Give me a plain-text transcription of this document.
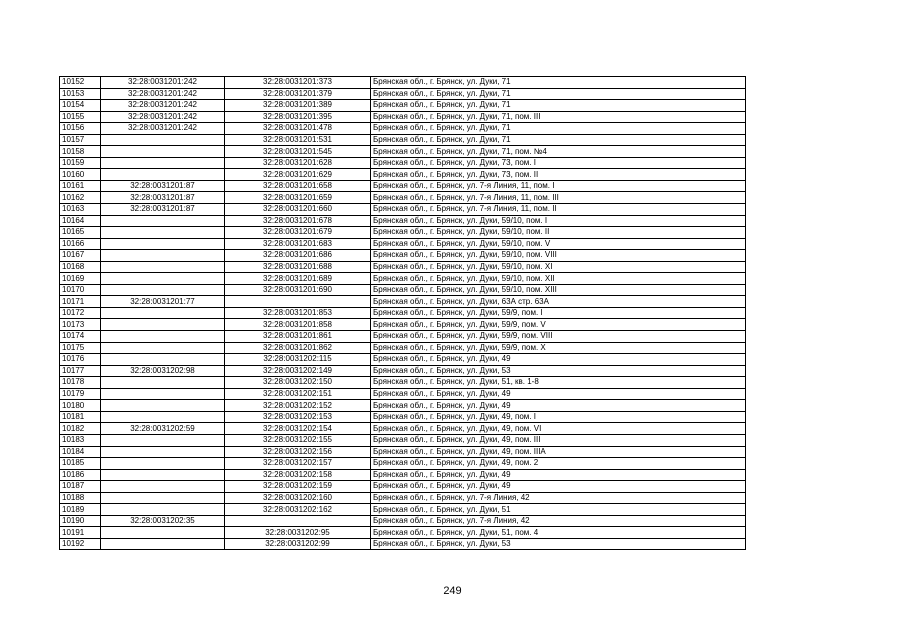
10152	32:28:0031201:242	32:28:0031201:373	Брянская обл., г. Брянск, ул. Дуки, 71
10153	32:28:0031201:242	32:28:0031201:379	Брянская обл., г. Брянск, ул. Дуки, 71
10154	32:28:0031201:242	32:28:0031201:389	Брянская обл., г. Брянск, ул. Дуки, 71
10155	32:28:0031201:242	32:28:0031201:395	Брянская обл., г. Брянск, ул. Дуки, 71, пом. III
10156	32:28:0031201:242	32:28:0031201:478	Брянская обл., г. Брянск, ул. Дуки, 71
10157		32:28:0031201:531	Брянская обл., г. Брянск, ул. Дуки, 71
10158		32:28:0031201:545	Брянская обл., г. Брянск, ул. Дуки, 71, пом. №4
10159		32:28:0031201:628	Брянская обл., г. Брянск, ул. Дуки, 73, пом. I
10160		32:28:0031201:629	Брянская обл., г. Брянск, ул. Дуки, 73, пом. II
10161	32:28:0031201:87	32:28:0031201:658	Брянская обл., г. Брянск, ул. 7-я Линия, 11, пом. I
10162	32:28:0031201:87	32:28:0031201:659	Брянская обл., г. Брянск, ул. 7-я Линия, 11, пом. III
10163	32:28:0031201:87	32:28:0031201:660	Брянская обл., г. Брянск, ул. 7-я Линия, 11, пом. II
10164		32:28:0031201:678	Брянская обл., г. Брянск, ул. Дуки, 59/10, пом. I
10165		32:28:0031201:679	Брянская обл., г. Брянск, ул. Дуки, 59/10, пом. II
10166		32:28:0031201:683	Брянская обл., г. Брянск, ул. Дуки, 59/10, пом. V
10167		32:28:0031201:686	Брянская обл., г. Брянск, ул. Дуки, 59/10, пом. VIII
10168		32:28:0031201:688	Брянская обл., г. Брянск, ул. Дуки, 59/10, пом. XI
10169		32:28:0031201:689	Брянская обл., г. Брянск, ул. Дуки, 59/10, пом. XII
10170		32:28:0031201:690	Брянская обл., г. Брянск, ул. Дуки, 59/10, пом. XIII
10171	32:28:0031201:77		Брянская обл., г. Брянск, ул. Дуки, 63А стр. 63А
10172		32:28:0031201:853	Брянская обл., г. Брянск, ул. Дуки, 59/9, пом. I
10173		32:28:0031201:858	Брянская обл., г. Брянск, ул. Дуки, 59/9, пом. V
10174		32:28:0031201:861	Брянская обл., г. Брянск, ул. Дуки, 59/9, пом. VIII
10175		32:28:0031201:862	Брянская обл., г. Брянск, ул. Дуки, 59/9, пом. X
10176		32:28:0031202:115	Брянская обл., г. Брянск, ул. Дуки, 49
10177	32:28:0031202:98	32:28:0031202:149	Брянская обл., г. Брянск, ул. Дуки, 53
10178		32:28:0031202:150	Брянская обл., г. Брянск, ул. Дуки, 51, кв. 1-8
10179		32:28:0031202:151	Брянская обл., г. Брянск, ул. Дуки, 49
10180		32:28:0031202:152	Брянская обл., г. Брянск, ул. Дуки, 49
10181		32:28:0031202:153	Брянская обл., г. Брянск, ул. Дуки, 49, пом. I
10182	32:28:0031202:59	32:28:0031202:154	Брянская обл., г. Брянск, ул. Дуки, 49, пом. VI
10183		32:28:0031202:155	Брянская обл., г. Брянск, ул. Дуки, 49, пом. III
10184		32:28:0031202:156	Брянская обл., г. Брянск, ул. Дуки, 49, пом. IIIА
10185		32:28:0031202:157	Брянская обл., г. Брянск, ул. Дуки, 49, пом. 2
10186		32:28:0031202:158	Брянская обл., г. Брянск, ул. Дуки, 49
10187		32:28:0031202:159	Брянская обл., г. Брянск, ул. Дуки, 49
10188		32:28:0031202:160	Брянская обл., г. Брянск, ул. 7-я Линия, 42
10189		32:28:0031202:162	Брянская обл., г. Брянск, ул. Дуки, 51
10190	32:28:0031202:35		Брянская обл., г. Брянск, ул. 7-я Линия, 42
10191		32:28:0031202:95	Брянская обл., г. Брянск, ул. Дуки, 51, пом. 4
10192		32:28:0031202:99	Брянская обл., г. Брянск, ул. Дуки, 53
249
